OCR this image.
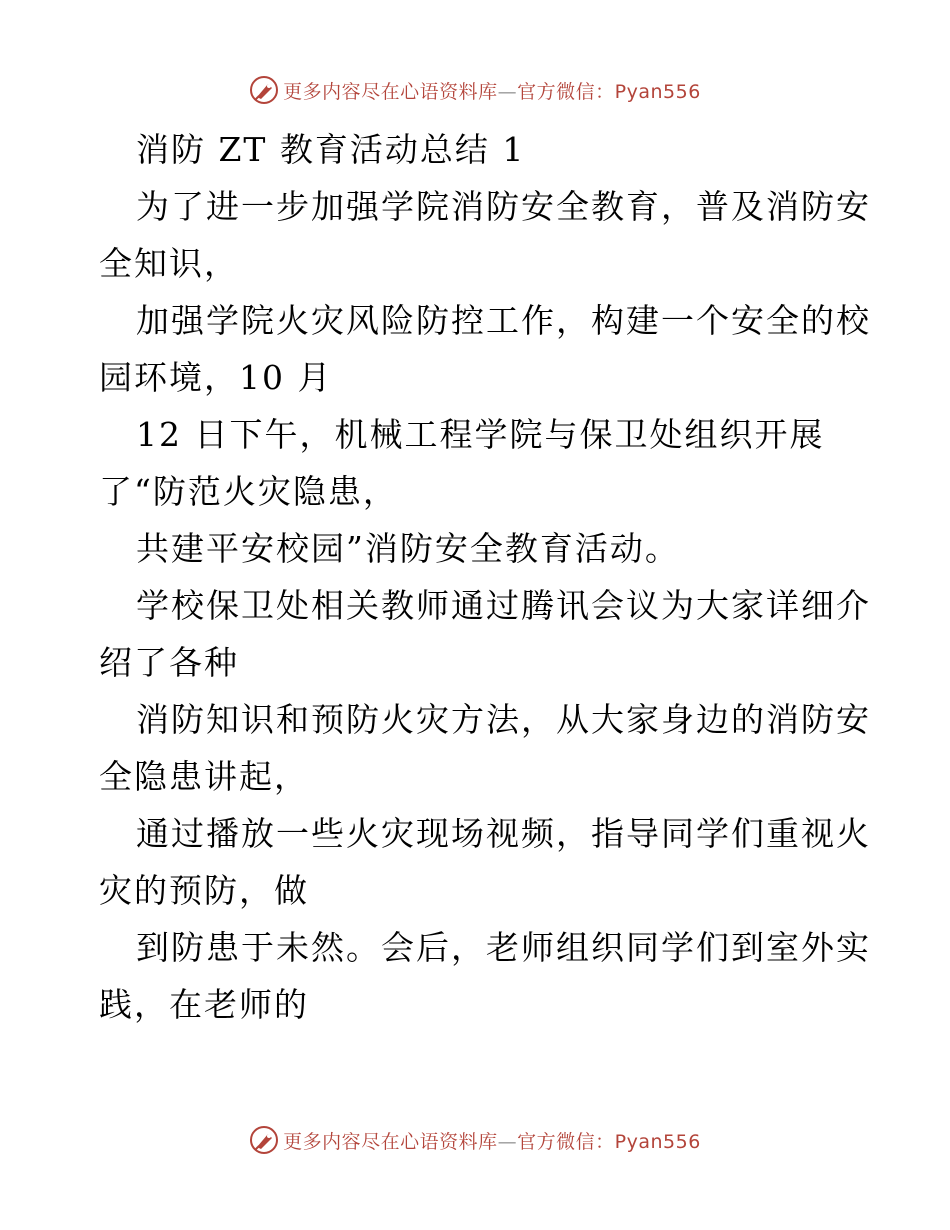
更多内容尽在心语资料库—官方微信：Pyan556
消防 ZT 教育活动总结 1
为了进一步加强学院消防安全教育，普及消防安
全知识，
加强学院火灾风险防控工作，构建一个安全的校
园环境，10 月
12 日下午，机械工程学院与保卫处组织开展
了“防范火灾隐患，
共建平安校园”消防安全教育活动。
学校保卫处相关教师通过腾讯会议为大家详细介
绍了各种
消防知识和预防火灾方法，从大家身边的消防安
全隐患讲起，
通过播放一些火灾现场视频，指导同学们重视火
灾的预防，做
到防患于未然。会后，老师组织同学们到室外实
践，在老师的
更多内容尽在心语资料库—官方微信：Pyan556
